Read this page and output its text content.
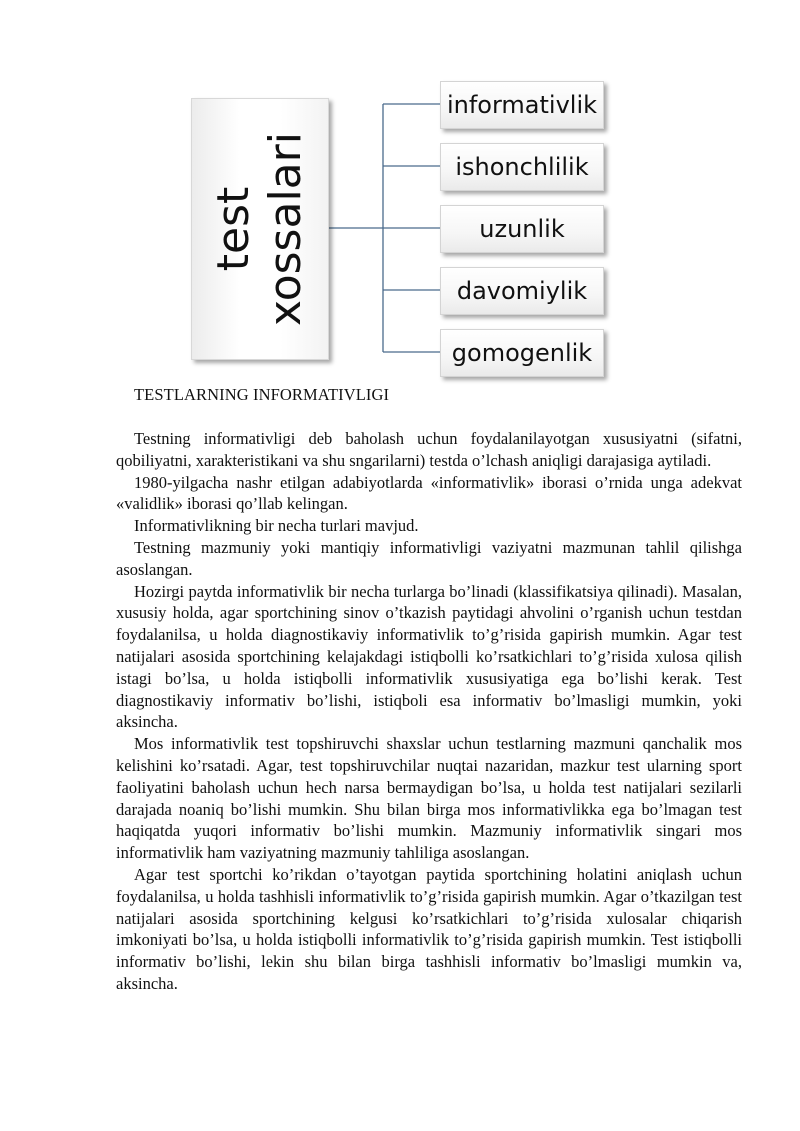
test xossalari
informativlik
ishonchlilik
uzunlik
davomiylik
gomogenlik
TESTLARNING INFORMATIVLIGI

Testning informativligi deb baholash uchun foydalanilayotgan xususiyatni (sifatni, qobiliyatni, xarakteristikani va shu sngarilarni) testda o’lchash aniqligi darajasiga aytiladi.

1980-yilgacha nashr etilgan adabiyotlarda «informativlik» iborasi o’rnida unga adekvat «validlik» iborasi qo’llab kelingan.

Informativlikning bir necha turlari mavjud.

Testning mazmuniy yoki mantiqiy informativligi vaziyatni mazmunan tahlil qilishga asoslangan.

Hozirgi paytda informativlik bir necha turlarga bo’linadi (klassifikatsiya qilinadi). Masalan, xususiy holda, agar sportchining sinov o’tkazish paytidagi ahvolini o’rganish uchun testdan foydalanilsa, u holda diagnostikaviy informativlik to’g’risida gapirish mumkin. Agar test natijalari asosida sportchining kelajakdagi istiqbolli ko’rsatkichlari to’g’risida xulosa qilish istagi bo’lsa, u holda istiqbolli informativlik xususiyatiga ega bo’lishi kerak. Test diagnostikaviy informativ bo’lishi, istiqboli esa informativ bo’lmasligi mumkin, yoki aksincha.

Mos informativlik test topshiruvchi shaxslar uchun testlarning mazmuni qanchalik mos kelishini ko’rsatadi. Agar, test topshiruvchilar nuqtai nazaridan, mazkur test ularning sport faoliyatini baholash uchun hech narsa bermaydigan bo’lsa, u holda test natijalari sezilarli darajada noaniq bo’lishi mumkin. Shu bilan birga mos informativlikka ega bo’lmagan test haqiqatda yuqori informativ bo’lishi mumkin. Mazmuniy informativlik singari mos informativlik ham vaziyatning mazmuniy tahliliga asoslangan.

Agar test sportchi ko’rikdan o’tayotgan paytida sportchining holatini aniqlash uchun foydalanilsa, u holda tashhisli informativlik to’g’risida gapirish mumkin. Agar o’tkazilgan test natijalari asosida sportchining kelgusi ko’rsatkichlari to’g’risida xulosalar chiqarish imkoniyati bo’lsa, u holda istiqbolli informativlik to’g’risida gapirish mumkin. Test istiqbolli informativ bo’lishi, lekin shu bilan birga tashhisli informativ bo’lmasligi mumkin va, aksincha.
